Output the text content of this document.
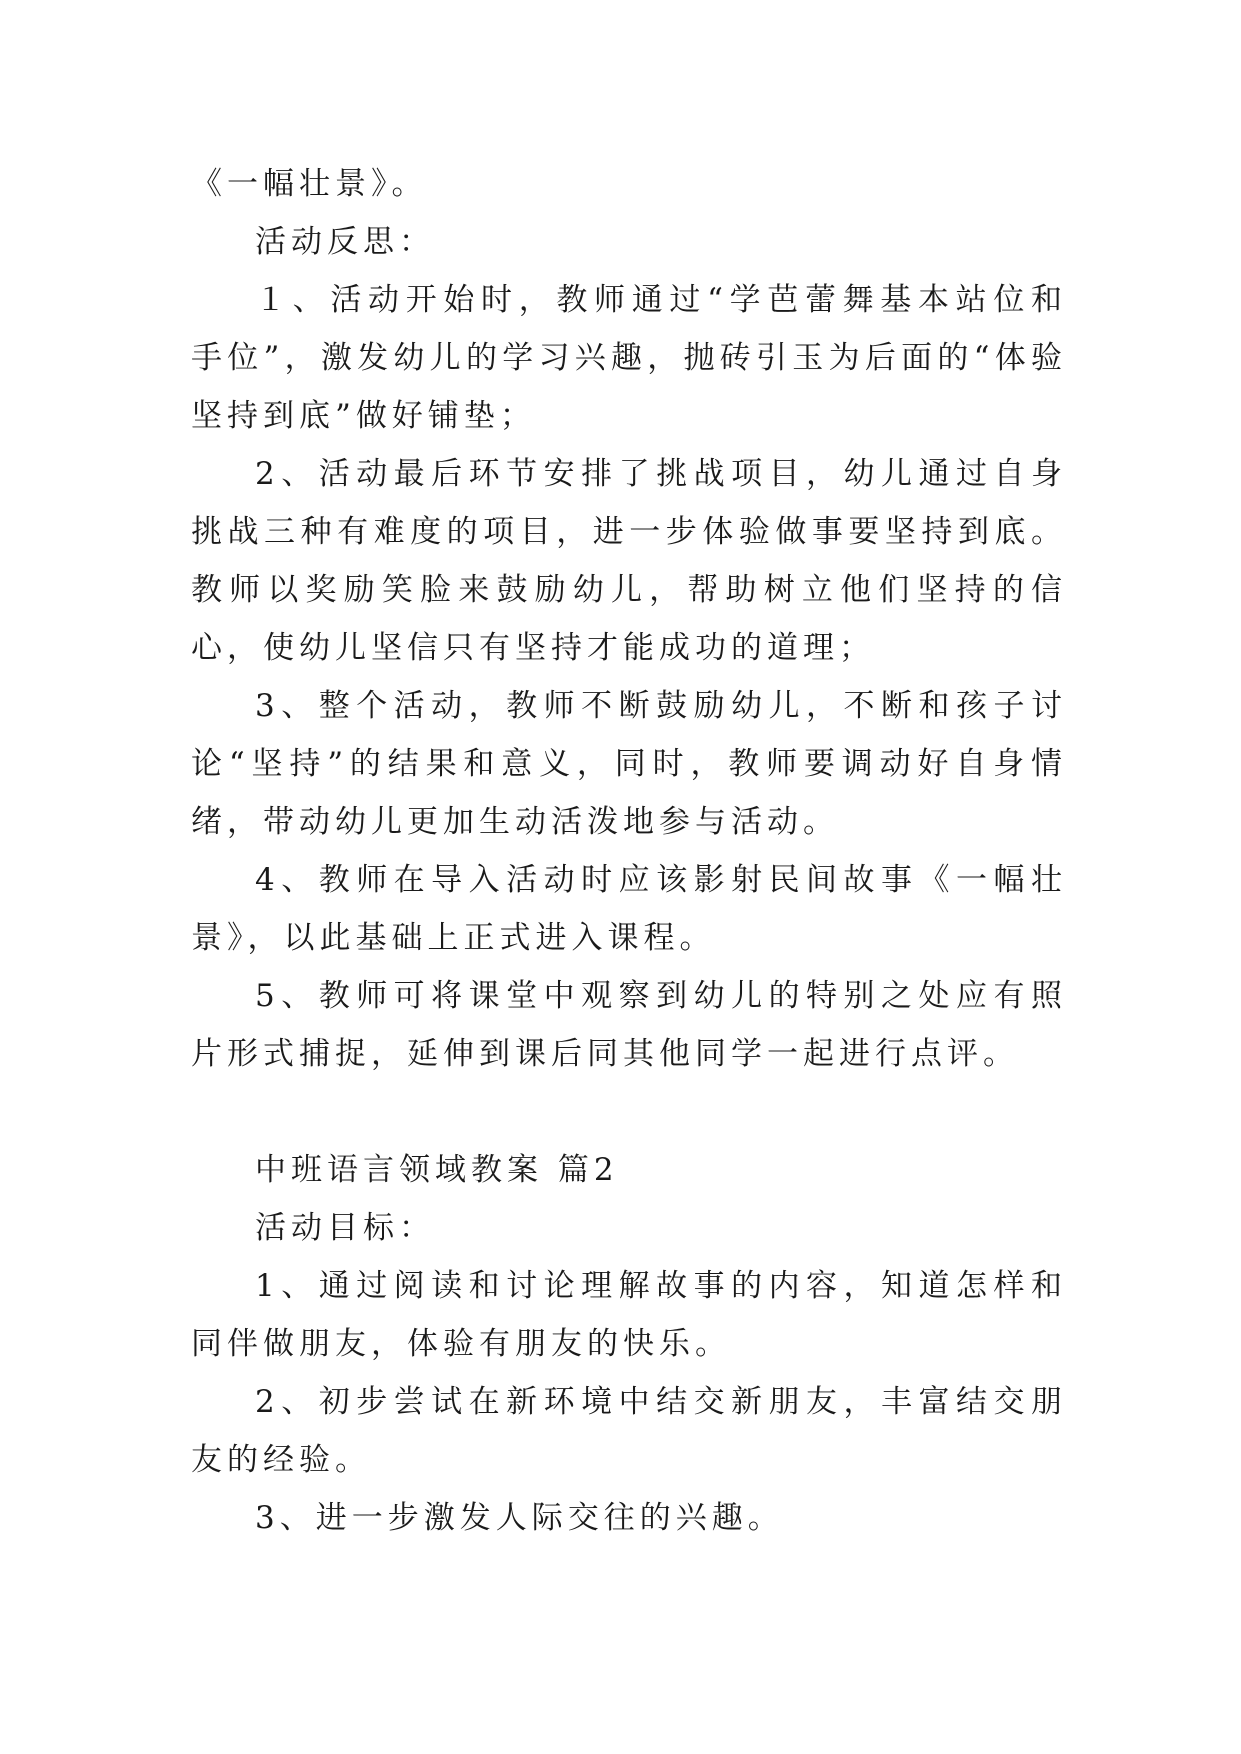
《一幅壮景》。

活动反思：

１、活动开始时，教师通过“学芭蕾舞基本站位和手位”，激发幼儿的学习兴趣，抛砖引玉为后面的“体验坚持到底”做好铺垫；

2、活动最后环节安排了挑战项目，幼儿通过自身挑战三种有难度的项目，进一步体验做事要坚持到底。教师以奖励笑脸来鼓励幼儿，帮助树立他们坚持的信心，使幼儿坚信只有坚持才能成功的道理；

3、整个活动，教师不断鼓励幼儿，不断和孩子讨论“坚持”的结果和意义，同时，教师要调动好自身情绪，带动幼儿更加生动活泼地参与活动。

4、教师在导入活动时应该影射民间故事《一幅壮景》，以此基础上正式进入课程。

5、教师可将课堂中观察到幼儿的特别之处应有照片形式捕捉，延伸到课后同其他同学一起进行点评。

中班语言领域教案 篇2

活动目标：

1、通过阅读和讨论理解故事的内容，知道怎样和同伴做朋友，体验有朋友的快乐。

2、初步尝试在新环境中结交新朋友，丰富结交朋友的经验。

3、进一步激发人际交往的兴趣。
